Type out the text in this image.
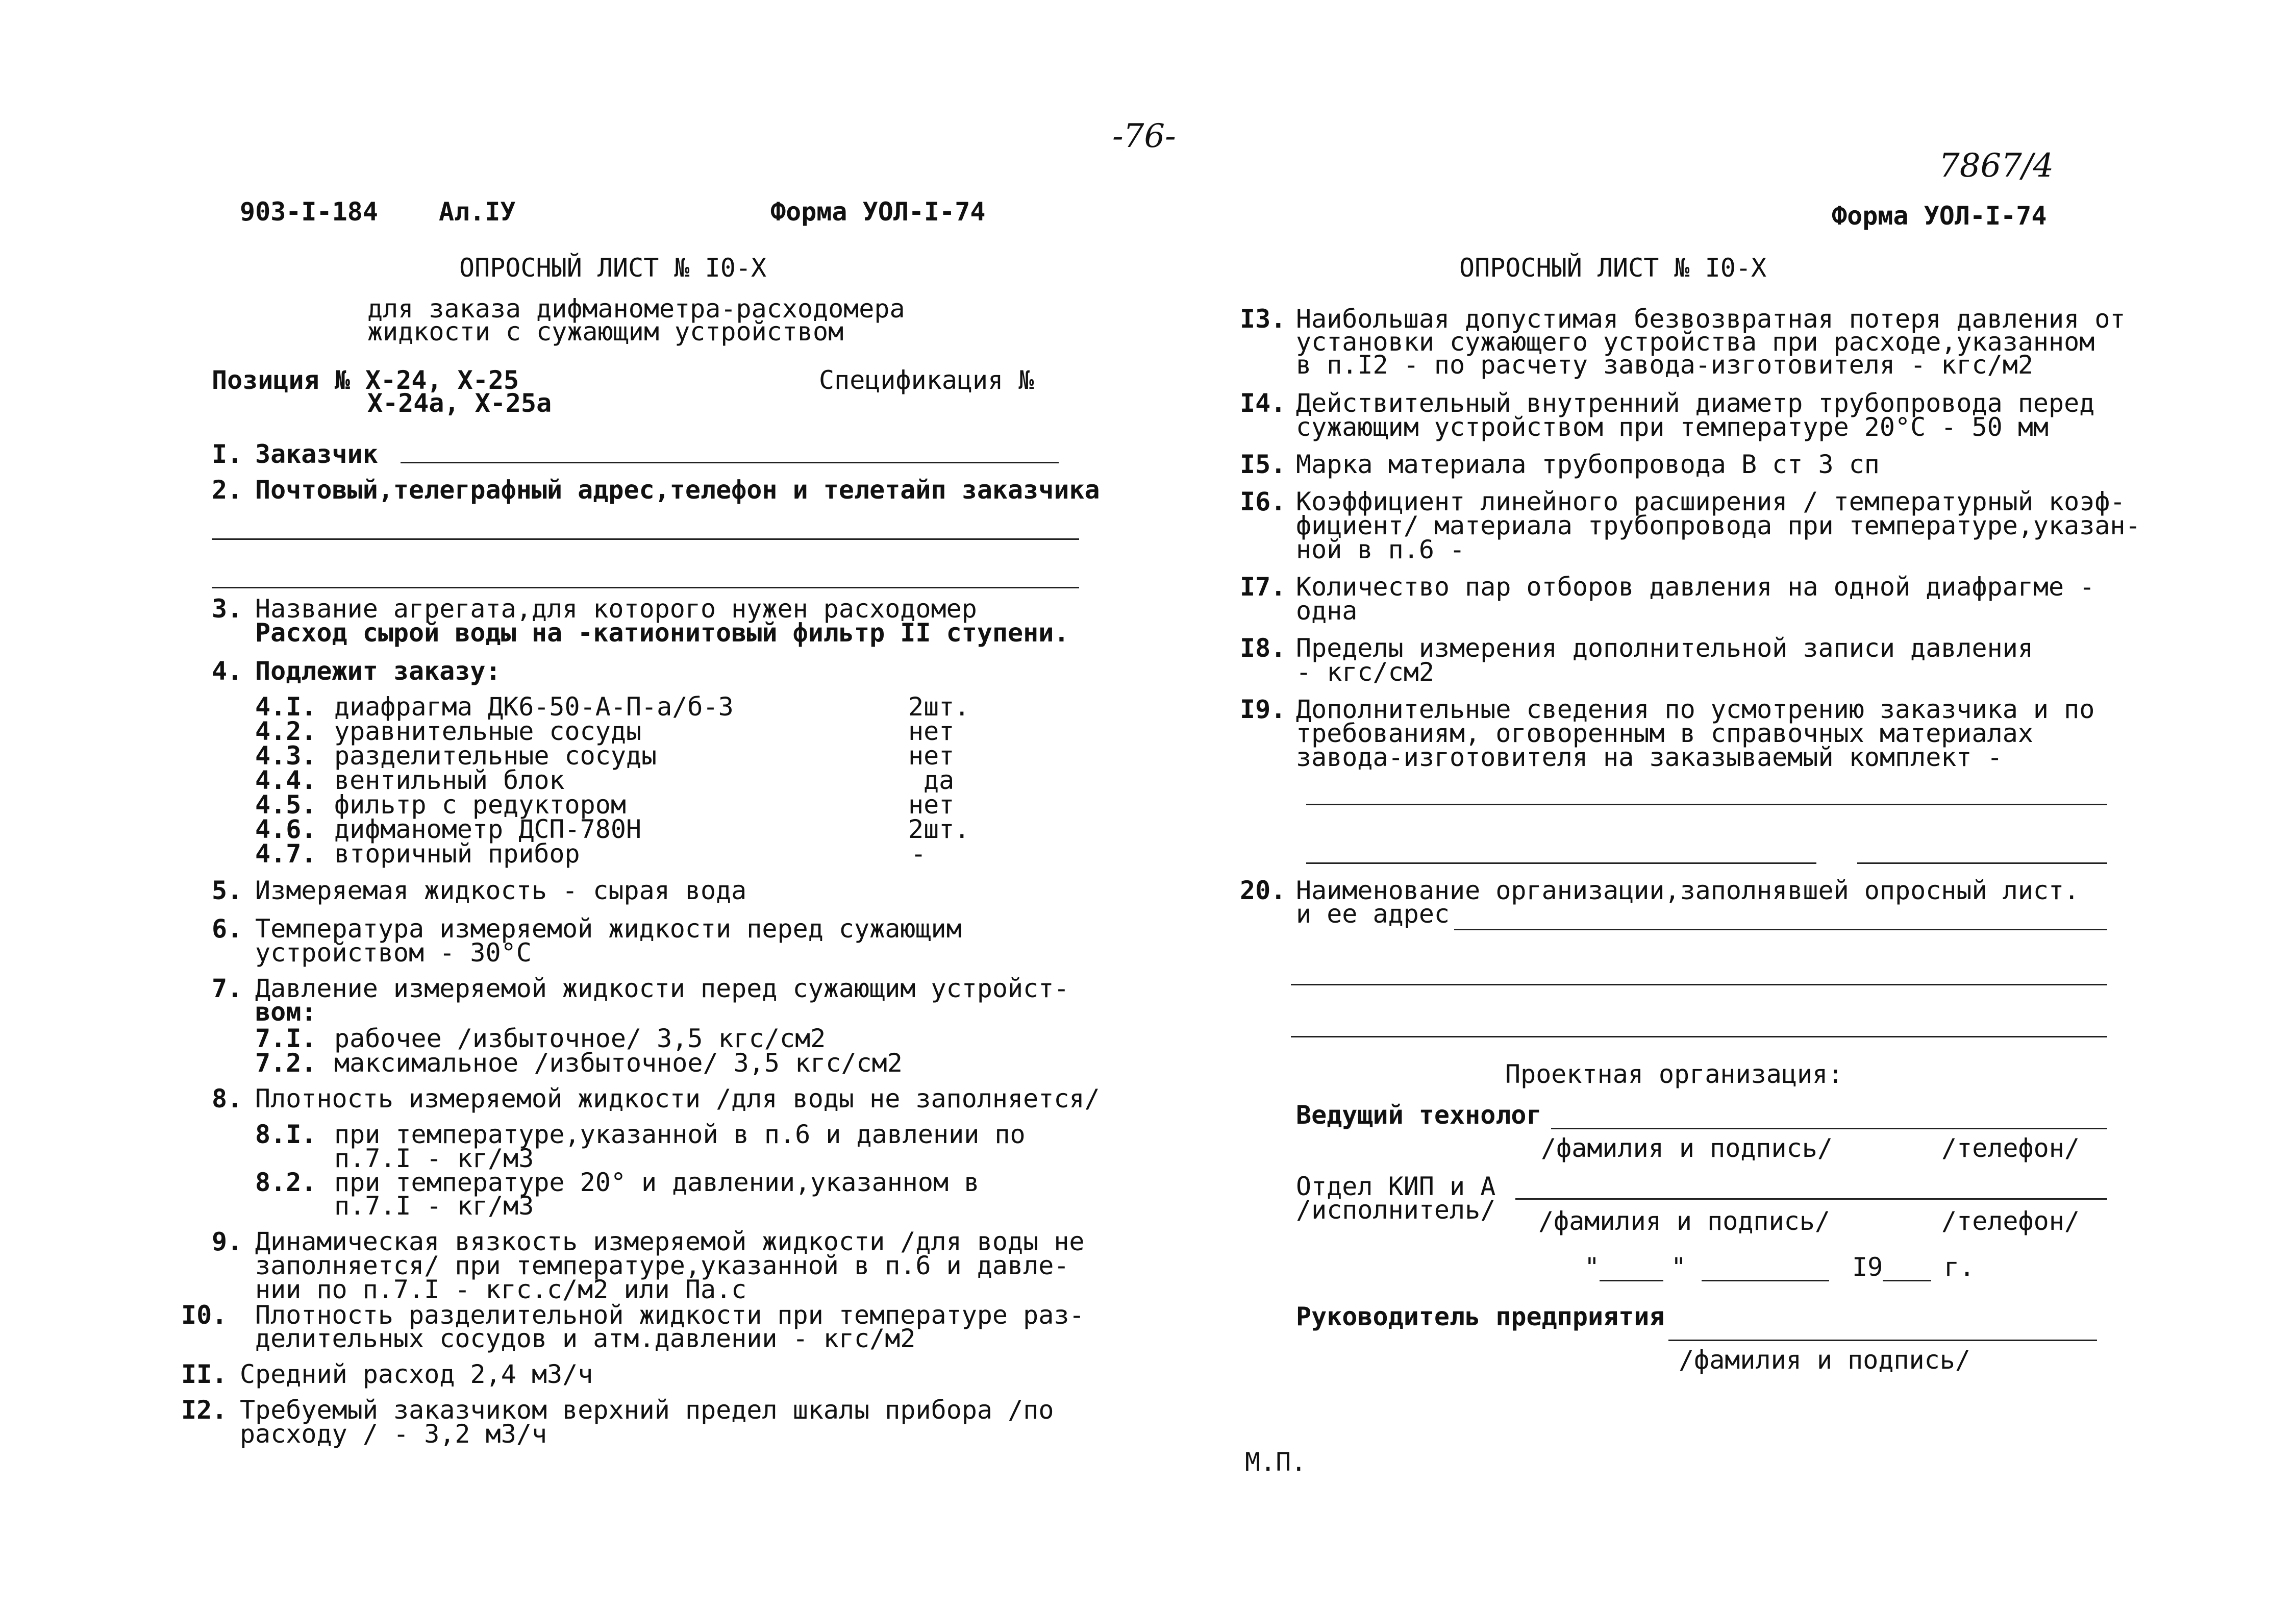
-76-
7867/4
903-I-184 Ал.IУ	Форма УОЛ-I-74
ОПРОСНЫЙ ЛИСТ № I0-Х
для заказа дифманометра-расходомера
жидкости с сужающим устройством
Позиция № Х-24, Х-25
Х-24а, Х-25а
Спецификация №
I. Заказчик
2. Почтовый,телеграфный адрес,телефон и телетайп заказчика
3. Название агрегата,для которого нужен расходомер
Расход сырой воды на -катионитовый фильтр II ступени.
4. Подлежит заказу:
4.I. диафрагма ДК6-50-А-П-а/б-3	2шт.
4.2. уравнительные сосуды	нет
4.3. разделительные сосуды	нет
4.4. вентильный блок	да
4.5. фильтр с редуктором	нет
4.6. дифманометр ДСП-780Н	2шт.
4.7. вторичный прибор	-
5. Измеряемая жидкость - сырая вода
6. Температура измеряемой жидкости перед сужающим
устройством - 30°С
7. Давление измеряемой жидкости перед сужающим устройст-
вом:
7.I. рабочее /избыточное/ 3,5 кгс/см2
7.2. максимальное /избыточное/ 3,5 кгс/см2
8. Плотность измеряемой жидкости /для воды не заполняется/
8.I. при температуре,указанной в п.6 и давлении по
п.7.I - кг/м3
8.2. при температуре 20° и давлении,указанном в
п.7.I - кг/м3
9. Динамическая вязкость измеряемой жидкости /для воды не
заполняется/ при температуре,указанной в п.6 и давле-
нии по п.7.I - кгс.с/м2 или Па.с
I0. Плотность разделительной жидкости при температуре раз-
делительных сосудов и атм.давлении - кгс/м2
II. Средний расход 2,4 м3/ч
I2. Требуемый заказчиком верхний предел шкалы прибора /по
расходу / - 3,2 м3/ч
Форма УОЛ-I-74
ОПРОСНЫЙ ЛИСТ № I0-Х
I3. Наибольшая допустимая безвозвратная потеря давления от
установки сужающего устройства при расходе,указанном
в п.I2 - по расчету завода-изготовителя - кгс/м2
I4. Действительный внутренний диаметр трубопровода перед
сужающим устройством при температуре 20°С - 50 мм
I5. Марка материала трубопровода В ст 3 сп
I6. Коэффициент линейного расширения / температурный коэф-
фициент/ материала трубопровода при температуре,указан-
ной в п.6 -
I7. Количество пар отборов давления на одной диафрагме -
одна
I8. Пределы измерения дополнительной записи давления
- кгс/см2
I9. Дополнительные сведения по усмотрению заказчика и по
требованиям, оговоренным в справочных материалах
завода-изготовителя на заказываемый комплект -
20. Наименование организации,заполнявшей опросный лист.
и ее адрес
Проектная организация:
Ведущий технолог
/фамилия и подпись/	/телефон/
Отдел КИП и А
/исполнитель/ /фамилия и подпись/	/телефон/
"	"	I9 г.
Руководитель предприятия
/фамилия и подпись/
М.П.
